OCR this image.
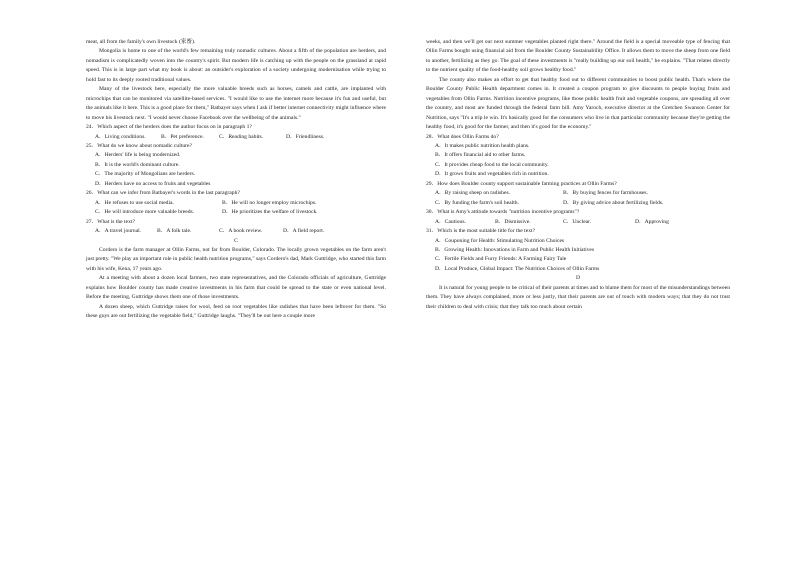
meat, all from the family's own livestock (家畜).

Mongolia is home to one of the world's few remaining truly nomadic cultures. About a fifth of the population are herders, and nomadism is complicatedly woven into the country's spirit. But modern life is catching up with the people on the grassland at rapid speed. This is in large part what my book is about: an outsider's exploration of a society undergoing modernisation while trying to hold fast to its deeply rooted traditional values.

Many of the livestock here, especially the more valuable breeds such as horses, camels and cattle, are implanted with microchips that can be monitored via satellite-based services. "I would like to use the internet more because it's fun and useful, but the animals like it here. This is a good place for them," Batbayer says when I ask if better internet connectivity might influence where to move his livestock next. "I would never choose Facebook over the wellbeing of the animals."

24．Which aspect of the herders does the author focus on in paragraph 1?

A．Living conditions.	B．Pet preference.	C．Reading habits.	D．Friendliness.

25．What do we know about nomadic culture?

A．Herders' life is being modernized.

B．It is the world's dominant culture.

C．The majority of Mongolians are herders.

D．Herders have no access to fruits and vegetables

26．What can we infer from Batbayer's words in the last paragraph?

A．He refuses to use social media.	B．He will no longer employ microchips.
C．He will introduce more valuable breeds.	D．He prioritizes the welfare of livestock.

27．What is the text?

A．A travel journal.	B．A folk tale.	C．A book review.	D．A field report.

C

Cordero is the farm manager at Ollin Farms, not far from Boulder, Colorado. The locally grown vegetables on the farm aren't just pretty. "We play an important role in public health nutrition programs," says Cordero's dad, Mark Guttridge, who started this farm with his wife, Kena, 17 years ago.

At a meeting with about a dozen local farmers, two state representatives, and the Colorado officials of agriculture, Guttridge explains how Boulder county has made creative investments in his farm that could be spread to the state or even national level. Before the meeting, Guttridge shows them one of those investments.

A dozen sheep, which Guttridge raises for wool, feed on root vegetables like radishes that have been leftover for them. "So these guys are out fertilizing the vegetable field," Guttridge laughs. "They'll be out here a couple more

weeks, and then we'll get our next summer vegetables planted right there." Around the field is a special moveable type of fencing that Ollin Farms bought using financial aid from the Boulder County Sustainability Office. It allows them to move the sheep from one field to another, fertilizing as they go. The goal of these investments is "really building up our soil health," he explains. "That relates directly to the nutrient quality of the food-healthy soil grows healthy food."

The county also makes an effort to get that healthy food out to different communities to boost public health. That's where the Boulder County Public Health department comes in. It created a coupon program to give discounts to people buying fruits and vegetables from Ollin Farms. Nutrition incentive programs, like those public health fruit and vegetable coupons, are spreading all over the country, and most are funded through the federal farm bill. Amy Yaroch, executive director at the Gretchen Swanson Center for Nutrition, says "It's a trip le win. It's basically good for the consumers who live in that particular community because they're getting the healthy food, it's good for the farmer, and then it's good for the economy."

28．What does Ollin Farms do?

A．It makes public nutrition health plans.

B．It offers financial aid to other farms.

C．It provides cheap food to the local community.

D．It grows fruits and vegetables rich in nutrition.

29．How does Boulder county support sustainable farming practices at Ollin Farms?

A．By raising sheep on radishes.	B．By buying fences for farmhouses.
C．By funding the farm's soil health.	D．By giving advice about fertilizing fields.

30．What is Amy's attitude towards "nutrition incentive programs"?

A．Cautious.	B．Dismissive.	C．Unclear.	D．Approving

31．Which is the most suitable title for the text?

A．Couponing for Health: Stimulating Nutrition Choices

B．Growing Health: Innovations in Farm and Public Health Initiatives

C．Fertile Fields and Furry Friends: A Farming Fairy Tale

D．Local Produce, Global Impact: The Nutrition Choices of Ollin Farms

D

It is natural for young people to be critical of their parents at times and to blame them for most of the misunderstandings between them. They have always complained, more or less justly, that their parents are out of touch with modern ways; that they do not trust their children to deal with crisis; that they talk too much about certain
